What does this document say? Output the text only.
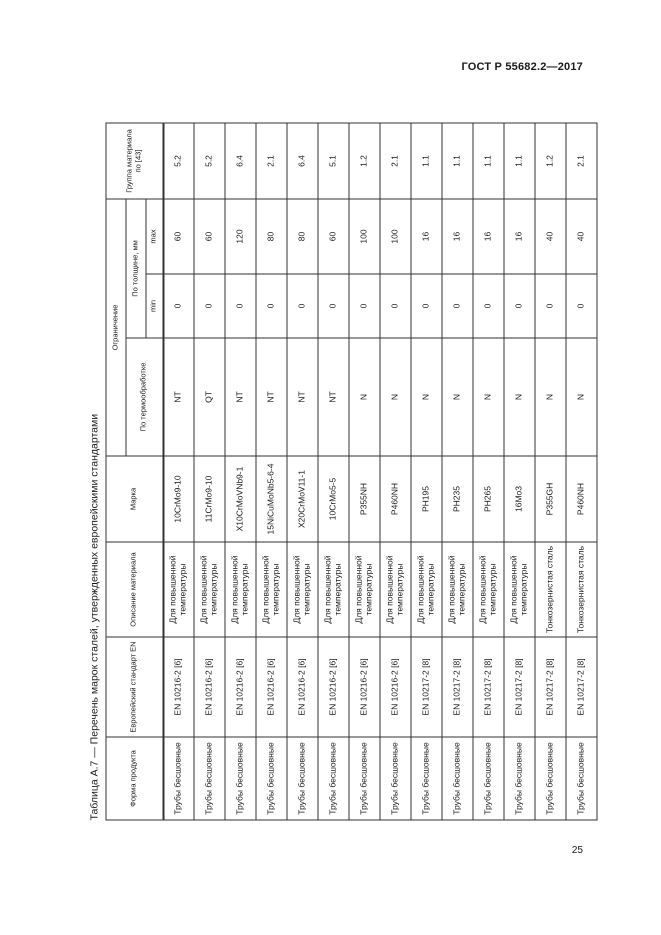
ГОСТ Р 55682.2—2017
Таблица А.7 — Перечень марок сталей, утвержденных европейскими стандартами	Форма продукта	Европейский стандарт EN	Описание материала	Марка	Ограничение			Группа материала по [43]
				По термообработке	По толщине, мм		
					min	max	
Трубы бесшовные	EN 10216-2 [6]	Для повышенной температуры	10CrMo9-10	NT	0	60	5.2
Трубы бесшовные	EN 10216-2 [6]	Для повышенной температуры	11CrMo9-10	QT	0	60	5.2
Трубы бесшовные	EN 10216-2 [6]	Для повышенной температуры	X10CrMoVNb9-1	NT	0	120	6.4
Трубы бесшовные	EN 10216-2 [6]	Для повышенной температуры	15NiCuMoNb5-6-4	NT	0	80	2.1
Трубы бесшовные	EN 10216-2 [6]	Для повышенной температуры	X20CrMoV11-1	NT	0	80	6.4
Трубы бесшовные	EN 10216-2 [6]	Для повышенной температуры	10CrMo5-5	NT	0	60	5.1
Трубы бесшовные	EN 10216-2 [6]	Для повышенной температуры	P355NH	N	0	100	1.2
Трубы бесшовные	EN 10216-2 [6]	Для повышенной температуры	P460NH	N	0	100	2.1
Трубы бесшовные	EN 10217-2 [8]	Для повышенной температуры	PH195	N	0	16	1.1
Трубы бесшовные	EN 10217-2 [8]	Для повышенной температуры	PH235	N	0	16	1.1
Трубы бесшовные	EN 10217-2 [8]	Для повышенной температуры	PH265	N	0	16	1.1
Трубы бесшовные	EN 10217-2 [8]	Для повышенной температуры	16Mo3	N	0	16	1.1
Трубы бесшовные	EN 10217-2 [8]	Тонкозернистая сталь	P355GH	N	0	40	1.2
Трубы бесшовные	EN 10217-2 [8]	Тонкозернистая сталь	P460NH	N	0	40	2.1
25
